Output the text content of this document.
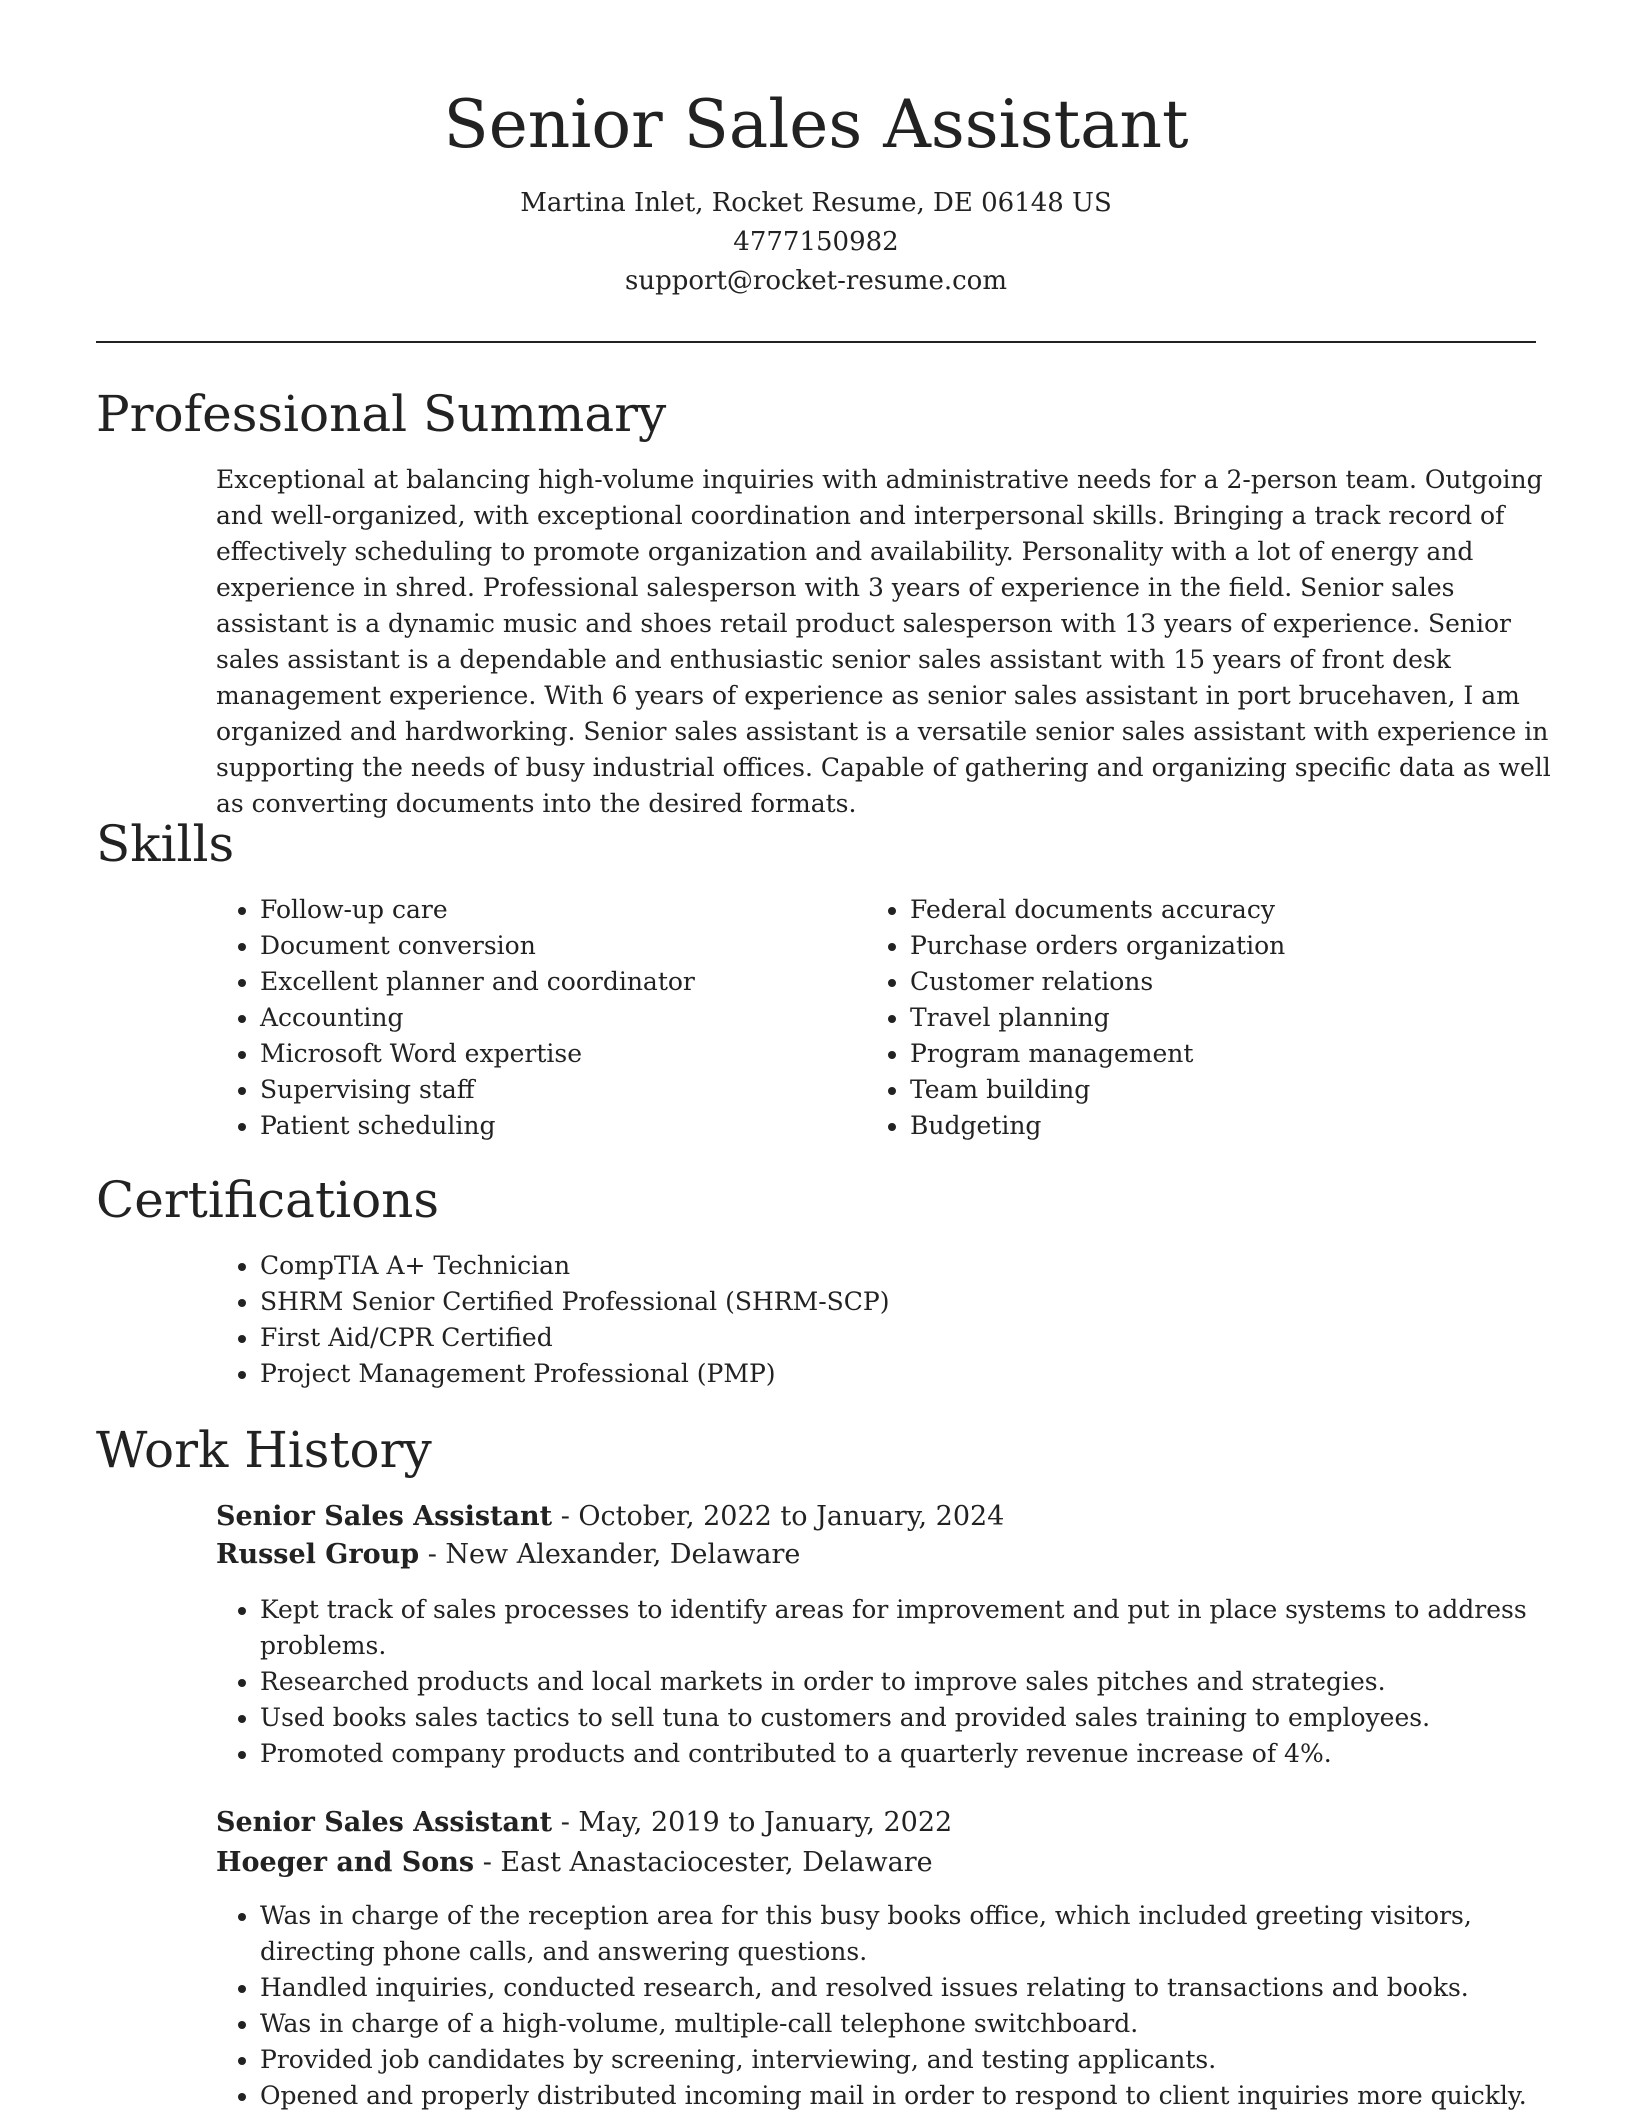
Senior Sales Assistant
Martina Inlet, Rocket Resume, DE 06148 US
4777150982
support@rocket-resume.com
Professional Summary

Exceptional at balancing high-volume inquiries with administrative needs for a 2-person team. Outgoing and well-organized, with exceptional coordination and interpersonal skills. Bringing a track record of effectively scheduling to promote organization and availability. Personality with a lot of energy and experience in shred. Professional salesperson with 3 years of experience in the field. Senior sales assistant is a dynamic music and shoes retail product salesperson with 13 years of experience. Senior sales assistant is a dependable and enthusiastic senior sales assistant with 15 years of front desk management experience. With 6 years of experience as senior sales assistant in port brucehaven, I am organized and hardworking. Senior sales assistant is a versatile senior sales assistant with experience in supporting the needs of busy industrial offices. Capable of gathering and organizing specific data as well as converting documents into the desired formats.

Skills
• Follow-up care
• Document conversion
• Excellent planner and coordinator
• Accounting
• Microsoft Word expertise
• Supervising staff
• Patient scheduling
• Federal documents accuracy
• Purchase orders organization
• Customer relations
• Travel planning
• Program management
• Team building
• Budgeting
Certifications
• CompTIA A+ Technician
• SHRM Senior Certified Professional (SHRM-SCP)
• First Aid/CPR Certified
• Project Management Professional (PMP)
Work History
Senior Sales Assistant - October, 2022 to January, 2024
Russel Group - New Alexander, Delaware
• Kept track of sales processes to identify areas for improvement and put in place systems to address problems.
• Researched products and local markets in order to improve sales pitches and strategies.
• Used books sales tactics to sell tuna to customers and provided sales training to employees.
• Promoted company products and contributed to a quarterly revenue increase of 4%.
Senior Sales Assistant - May, 2019 to January, 2022
Hoeger and Sons - East Anastaciocester, Delaware
• Was in charge of the reception area for this busy books office, which included greeting visitors, directing phone calls, and answering questions.
• Handled inquiries, conducted research, and resolved issues relating to transactions and books.
• Was in charge of a high-volume, multiple-call telephone switchboard.
• Provided job candidates by screening, interviewing, and testing applicants.
• Opened and properly distributed incoming mail in order to respond to client inquiries more quickly.
